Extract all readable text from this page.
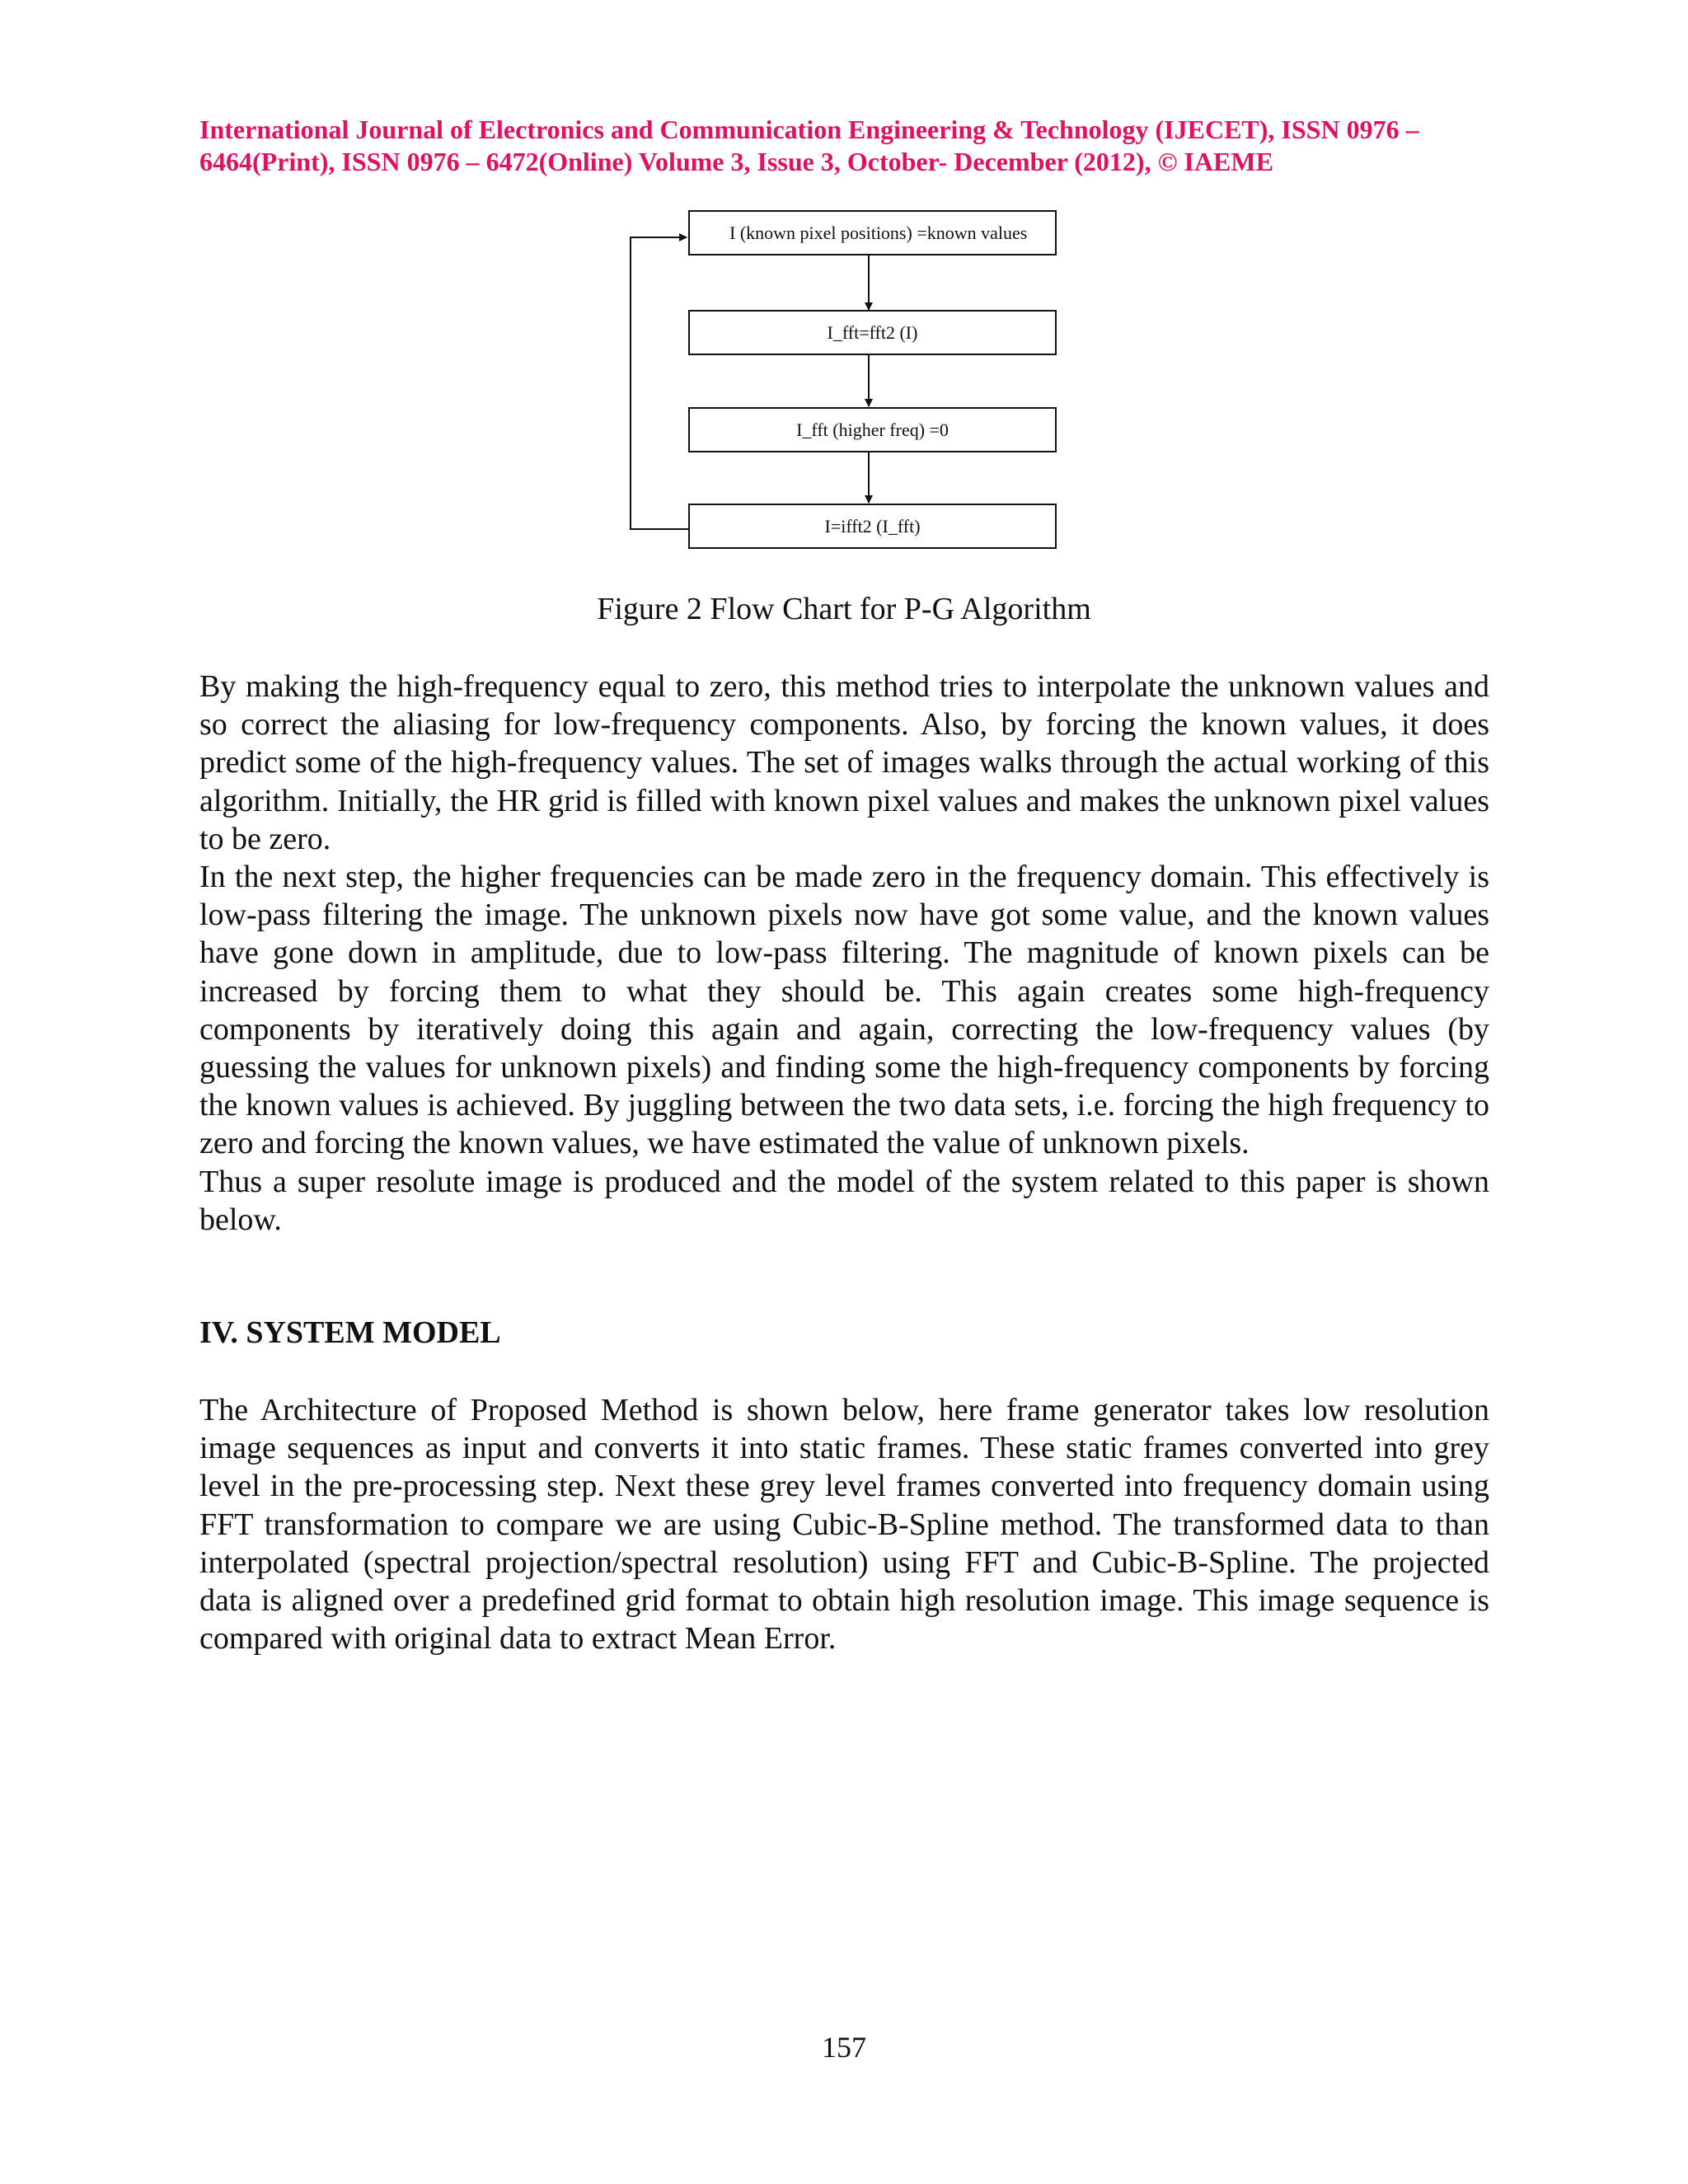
International Journal of Electronics and Communication Engineering & Technology (IJECET), ISSN 0976 –
6464(Print), ISSN 0976 – 6472(Online) Volume 3, Issue 3, October- December (2012), © IAEME
I (known pixel positions) =known values
I_fft=fft2 (I)
I_fft (higher freq) =0
I=ifft2 (I_fft)
Figure 2 Flow Chart for P-G Algorithm

By making the high-frequency equal to zero, this method tries to interpolate the unknown values and so correct the aliasing for low-frequency components. Also, by forcing the known values, it does predict some of the high-frequency values. The set of images walks through the actual working of this algorithm. Initially, the HR grid is filled with known pixel values and makes the unknown pixel values to be zero.

In the next step, the higher frequencies can be made zero in the frequency domain. This effectively is low-pass filtering the image. The unknown pixels now have got some value, and the known values have gone down in amplitude, due to low-pass filtering. The magnitude of known pixels can be increased by forcing them to what they should be. This again creates some high-frequency components by iteratively doing this again and again, correcting the low-frequency values (by guessing the values for unknown pixels) and finding some the high-frequency components by forcing the known values is achieved. By juggling between the two data sets, i.e. forcing the high frequency to zero and forcing the known values, we have estimated the value of unknown pixels.

Thus a super resolute image is produced and the model of the system related to this paper is shown below.

IV. SYSTEM MODEL

The Architecture of Proposed Method is shown below, here frame generator takes low resolution image sequences as input and converts it into static frames. These static frames converted into grey level in the pre-processing step. Next these grey level frames converted into frequency domain using FFT transformation to compare we are using Cubic-B-Spline method. The transformed data to than interpolated (spectral projection/spectral resolution) using FFT and Cubic-B-Spline. The projected data is aligned over a predefined grid format to obtain high resolution image. This image sequence is compared with original data to extract Mean Error.

157
